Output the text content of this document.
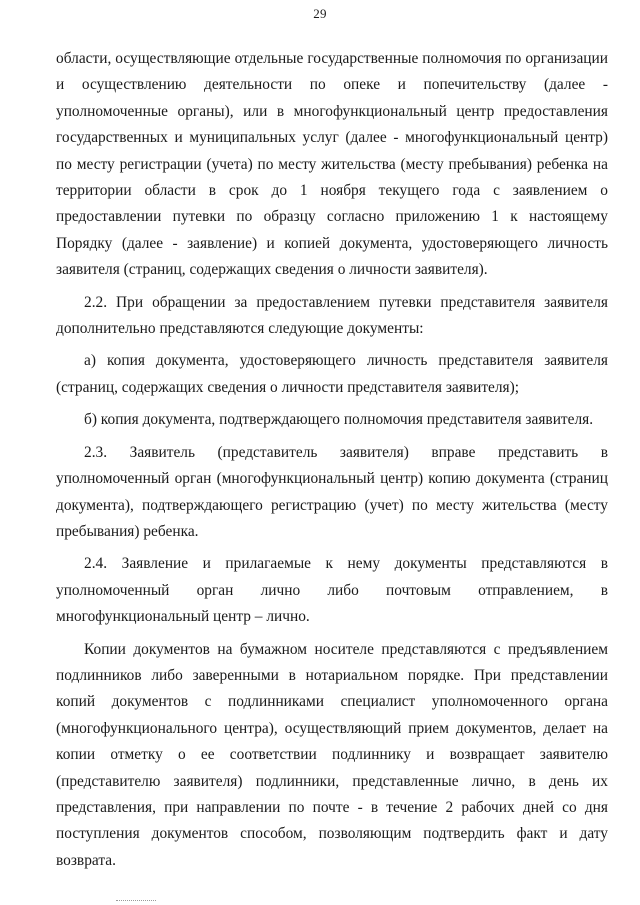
29

области, осуществляющие отдельные государственные полномочия по организации и осуществлению деятельности по опеке и попечительству (далее - уполномоченные органы), или в многофункциональный центр предоставления государственных и муниципальных услуг (далее - многофункциональный центр) по месту регистрации (учета) по месту жительства (месту пребывания) ребенка на территории области в срок до 1 ноября текущего года с заявлением о предоставлении путевки по образцу согласно приложению 1 к настоящему Порядку (далее - заявление) и копией документа, удостоверяющего личность заявителя (страниц, содержащих сведения о личности заявителя).

2.2. При обращении за предоставлением путевки представителя заявителя дополнительно представляются следующие документы:

а) копия документа, удостоверяющего личность представителя заявителя (страниц, содержащих сведения о личности представителя заявителя);

б) копия документа, подтверждающего полномочия представителя заявителя.

2.3. Заявитель (представитель заявителя) вправе представить в уполномоченный орган (многофункциональный центр) копию документа (страниц документа), подтверждающего регистрацию (учет) по месту жительства (месту пребывания) ребенка.

2.4. Заявление и прилагаемые к нему документы представляются в уполномоченный орган лично либо почтовым отправлением, в многофункциональный центр – лично.

Копии документов на бумажном носителе представляются с предъявлением подлинников либо заверенными в нотариальном порядке. При представлении копий документов с подлинниками специалист уполномоченного органа (многофункционального центра), осуществляющий прием документов, делает на копии отметку о ее соответствии подлиннику и возвращает заявителю (представителю заявителя) подлинники, представленные лично, в день их представления, при направлении по почте - в течение 2 рабочих дней со дня поступления документов способом, позволяющим подтвердить факт и дату возврата.
